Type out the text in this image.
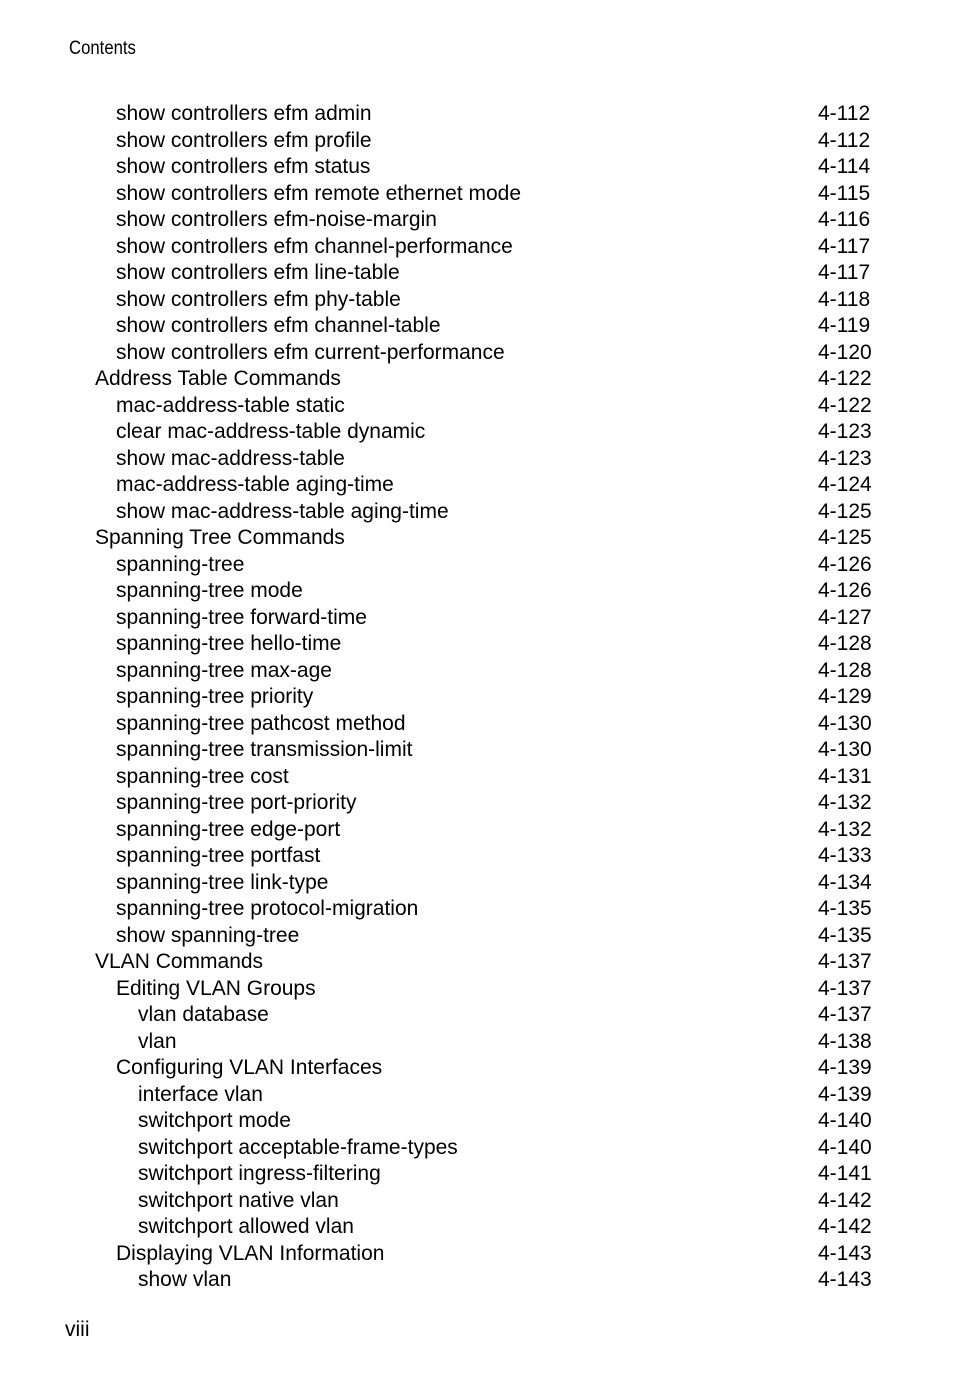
Contents
show controllers efm admin	4-112
show controllers efm profile	4-112
show controllers efm status	4-114
show controllers efm remote ethernet mode	4-115
show controllers efm-noise-margin	4-116
show controllers efm channel-performance	4-117
show controllers efm line-table	4-117
show controllers efm phy-table	4-118
show controllers efm channel-table	4-119
show controllers efm current-performance	4-120
Address Table Commands	4-122
mac-address-table static	4-122
clear mac-address-table dynamic	4-123
show mac-address-table	4-123
mac-address-table aging-time	4-124
show mac-address-table aging-time	4-125
Spanning Tree Commands	4-125
spanning-tree	4-126
spanning-tree mode	4-126
spanning-tree forward-time	4-127
spanning-tree hello-time	4-128
spanning-tree max-age	4-128
spanning-tree priority	4-129
spanning-tree pathcost method	4-130
spanning-tree transmission-limit	4-130
spanning-tree cost	4-131
spanning-tree port-priority	4-132
spanning-tree edge-port	4-132
spanning-tree portfast	4-133
spanning-tree link-type	4-134
spanning-tree protocol-migration	4-135
show spanning-tree	4-135
VLAN Commands	4-137
Editing VLAN Groups	4-137
vlan database	4-137
vlan	4-138
Configuring VLAN Interfaces	4-139
interface vlan	4-139
switchport mode	4-140
switchport acceptable-frame-types	4-140
switchport ingress-filtering	4-141
switchport native vlan	4-142
switchport allowed vlan	4-142
Displaying VLAN Information	4-143
show vlan	4-143
viii
